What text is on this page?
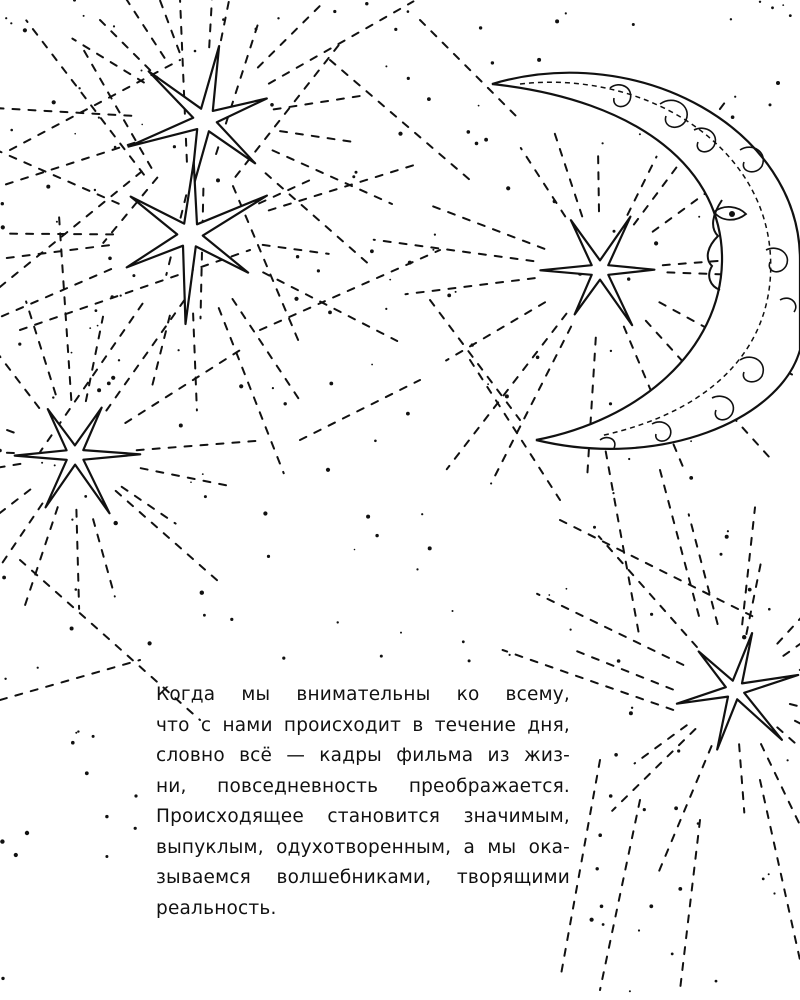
Когда мы внимательны ко всему,
что с нами происходит в течение дня,
словно всё — кадры фильма из жиз-
ни, повседневность преображается.
Происходящее становится значимым,
выпуклым, одухотворенным, а мы ока-
зываемся волшебниками, творящими
реальность.
